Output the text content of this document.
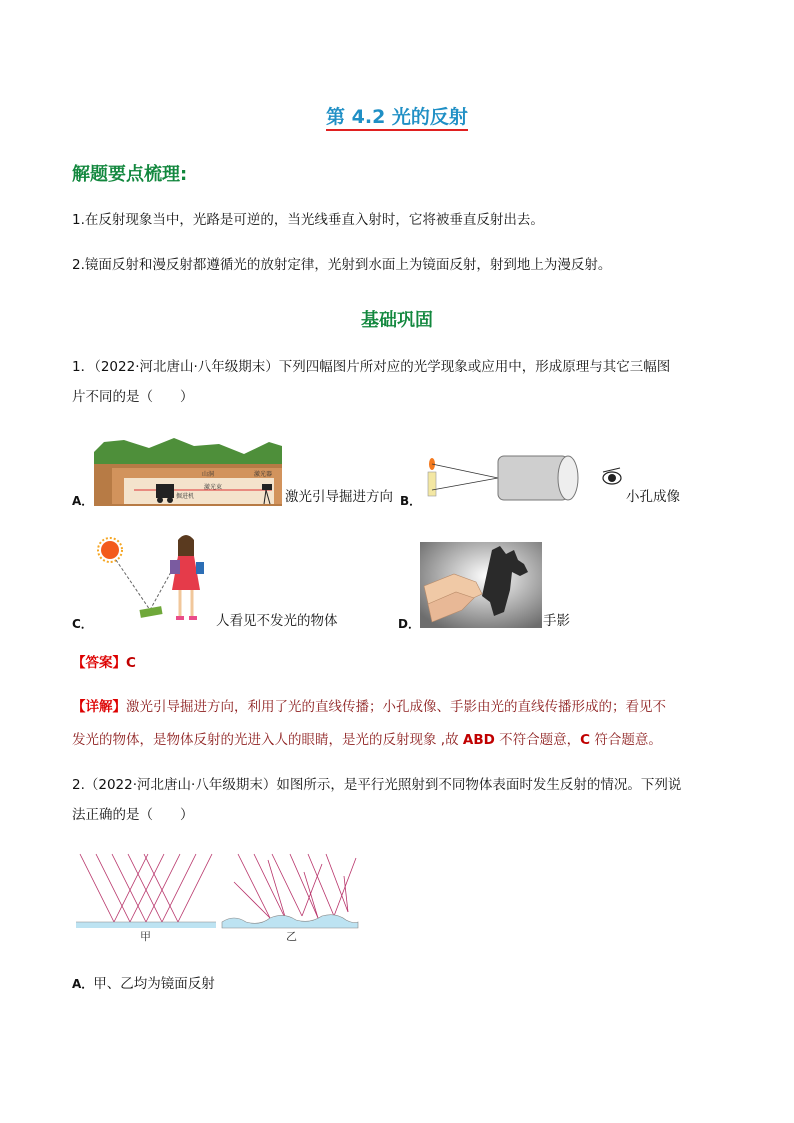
第 4.2 光的反射
解题要点梳理:
1.在反射现象当中，光路是可逆的，当光线垂直入射时，它将被垂直反射出去。
2.镜面反射和漫反射都遵循光的放射定律，光射到水面上为镜面反射，射到地上为漫反射。
基础巩固
1．（2022·河北唐山·八年级期末）下列四幅图片所对应的光学现象或应用中，形成原理与其它三幅图
片不同的是（　　）
A．
山洞
激光束
激光器
掘进机	激光引导掘进方向 B．	小孔成像
C．	人看见不发光的物体	D．	手影
【答案】C
【详解】激光引导掘进方向，利用了光的直线传播；小孔成像、手影由光的直线传播形成的；看见不
发光的物体，是物体反射的光进入人的眼睛，是光的反射现象 ,故 ABD 不符合题意，C 符合题意。
2.（2022·河北唐山·八年级期末）如图所示，是平行光照射到不同物体表面时发生反射的情况。下列说
法正确的是（　　）
甲	乙
A．甲、乙均为镜面反射
